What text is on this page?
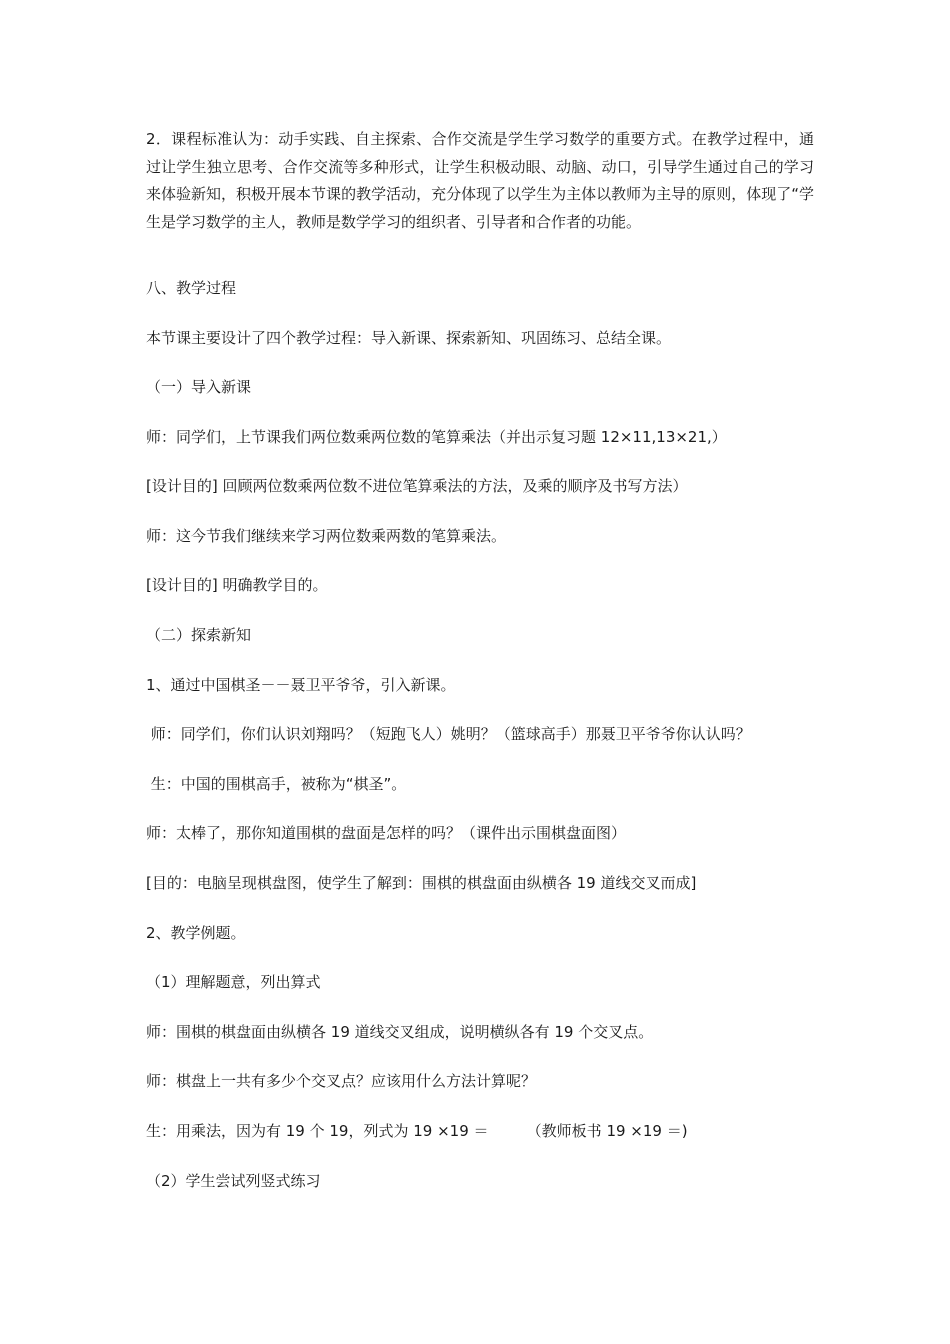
2．课程标准认为：动手实践、自主探索、合作交流是学生学习数学的重要方式。在教学过程中，通过让学生独立思考、合作交流等多种形式，让学生积极动眼、动脑、动口，引导学生通过自己的学习来体验新知，积极开展本节课的教学活动，充分体现了以学生为主体以教师为主导的原则，体现了“学生是学习数学的主人，教师是数学学习的组织者、引导者和合作者的功能。

八、教学过程

本节课主要设计了四个教学过程：导入新课、探索新知、巩固练习、总结全课。

（一）导入新课

师：同学们，上节课我们两位数乘两位数的笔算乘法（并出示复习题 12×11,13×21,）

[设计目的] 回顾两位数乘两位数不进位笔算乘法的方法，及乘的顺序及书写方法）

师：这今节我们继续来学习两位数乘两数的笔算乘法。

[设计目的] 明确教学目的。

（二）探索新知

1、通过中国棋圣－－聂卫平爷爷，引入新课。

师：同学们，你们认识刘翔吗？（短跑飞人）姚明？（篮球高手）那聂卫平爷爷你认认吗？

生：中国的围棋高手，被称为“棋圣”。

师：太棒了，那你知道围棋的盘面是怎样的吗？（课件出示围棋盘面图）

[目的：电脑呈现棋盘图，使学生了解到：围棋的棋盘面由纵横各 19 道线交叉而成]

2、教学例题。

（1）理解题意，列出算式

师：围棋的棋盘面由纵横各 19 道线交叉组成，说明横纵各有 19 个交叉点。

师：棋盘上一共有多少个交叉点？应该用什么方法计算呢？

生：用乘法，因为有 19 个 19，列式为 19 ×19 ＝        （教师板书 19 ×19 ＝)

（2）学生尝试列竖式练习
